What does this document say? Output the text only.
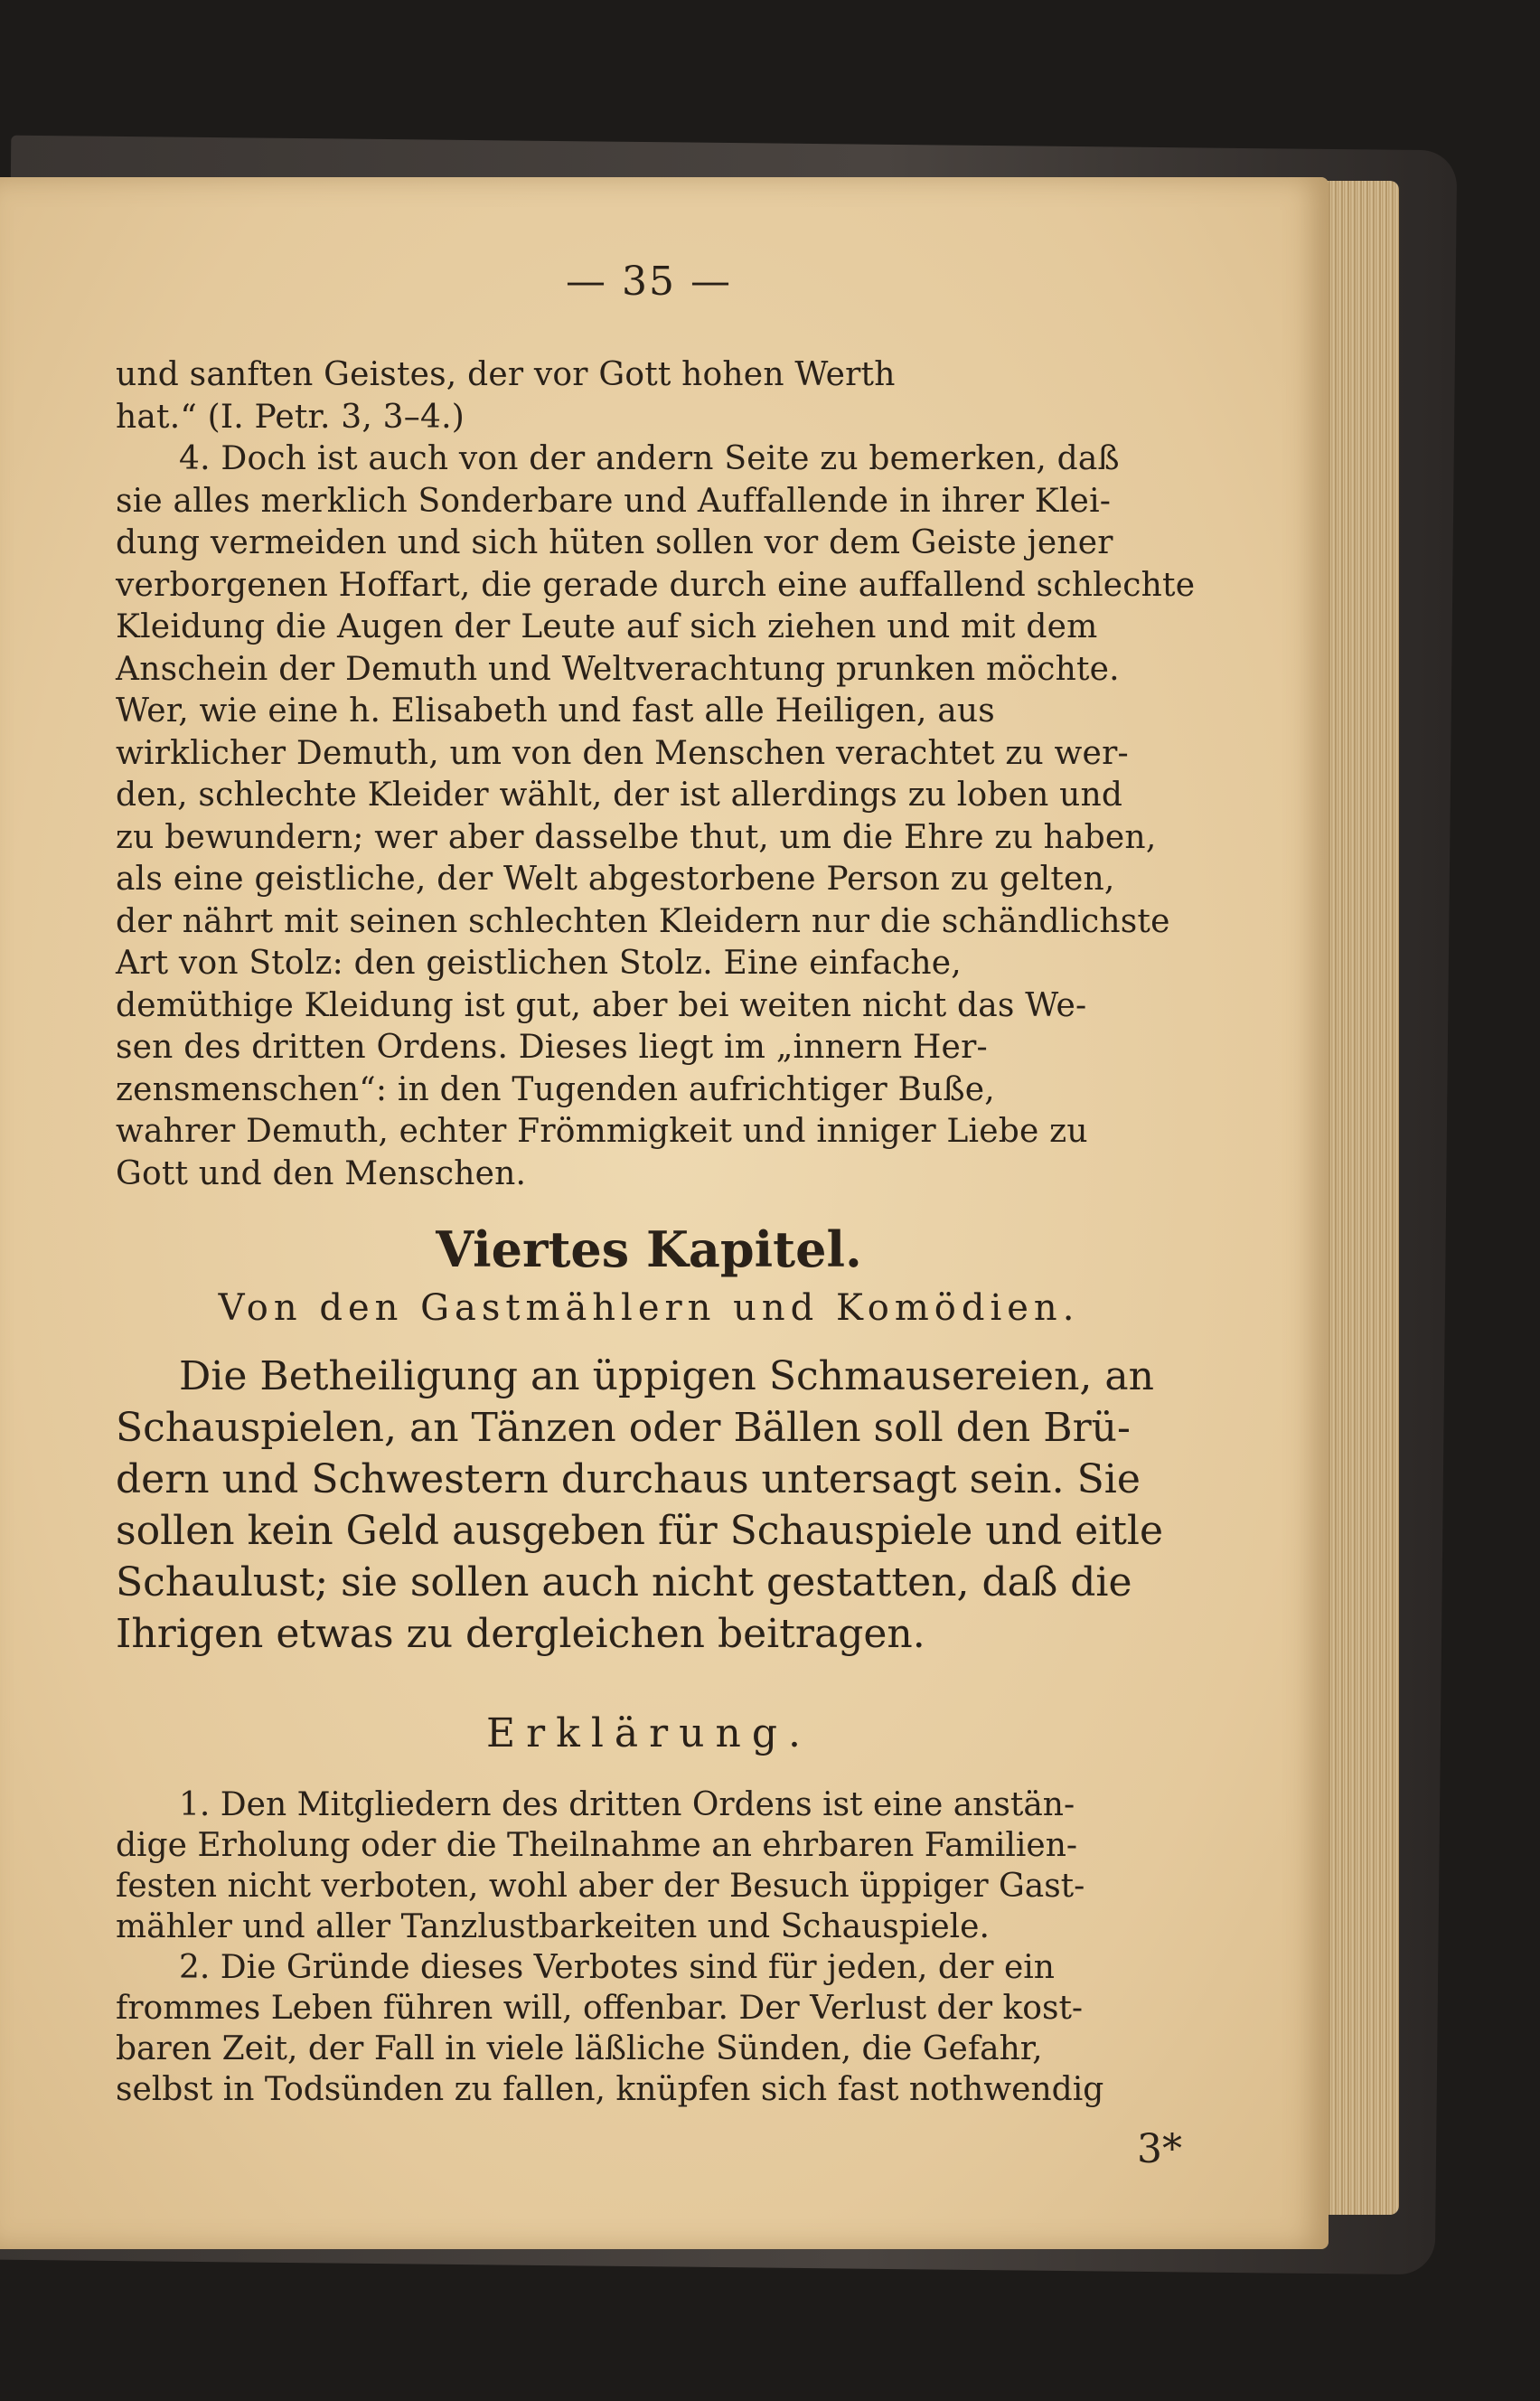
— 35 —
und sanften Geistes, der vor Gott hohen Werth
hat.“ (I. Petr. 3, 3–4.)
4. Doch ist auch von der andern Seite zu bemerken, daß
sie alles merklich Sonderbare und Auffallende in ihrer Klei-
dung vermeiden und sich hüten sollen vor dem Geiste jener
verborgenen Hoffart, die gerade durch eine auffallend schlechte
Kleidung die Augen der Leute auf sich ziehen und mit dem
Anschein der Demuth und Weltverachtung prunken möchte.
Wer, wie eine h. Elisabeth und fast alle Heiligen, aus
wirklicher Demuth, um von den Menschen verachtet zu wer-
den, schlechte Kleider wählt, der ist allerdings zu loben und
zu bewundern; wer aber dasselbe thut, um die Ehre zu haben,
als eine geistliche, der Welt abgestorbene Person zu gelten,
der nährt mit seinen schlechten Kleidern nur die schändlichste
Art von Stolz: den geistlichen Stolz. Eine einfache,
demüthige Kleidung ist gut, aber bei weiten nicht das We-
sen des dritten Ordens. Dieses liegt im „innern Her-
zensmenschen“: in den Tugenden aufrichtiger Buße,
wahrer Demuth, echter Frömmigkeit und inniger Liebe zu
Gott und den Menschen.
Viertes Kapitel.
Von den Gastmählern und Komödien.
Die Betheiligung an üppigen Schmausereien, an
Schauspielen, an Tänzen oder Bällen soll den Brü-
dern und Schwestern durchaus untersagt sein. Sie
sollen kein Geld ausgeben für Schauspiele und eitle
Schaulust; sie sollen auch nicht gestatten, daß die
Ihrigen etwas zu dergleichen beitragen.
Erklärung.
1. Den Mitgliedern des dritten Ordens ist eine anstän-
dige Erholung oder die Theilnahme an ehrbaren Familien-
festen nicht verboten, wohl aber der Besuch üppiger Gast-
mähler und aller Tanzlustbarkeiten und Schauspiele.
2. Die Gründe dieses Verbotes sind für jeden, der ein
frommes Leben führen will, offenbar. Der Verlust der kost-
baren Zeit, der Fall in viele läßliche Sünden, die Gefahr,
selbst in Todsünden zu fallen, knüpfen sich fast nothwendig
3*
